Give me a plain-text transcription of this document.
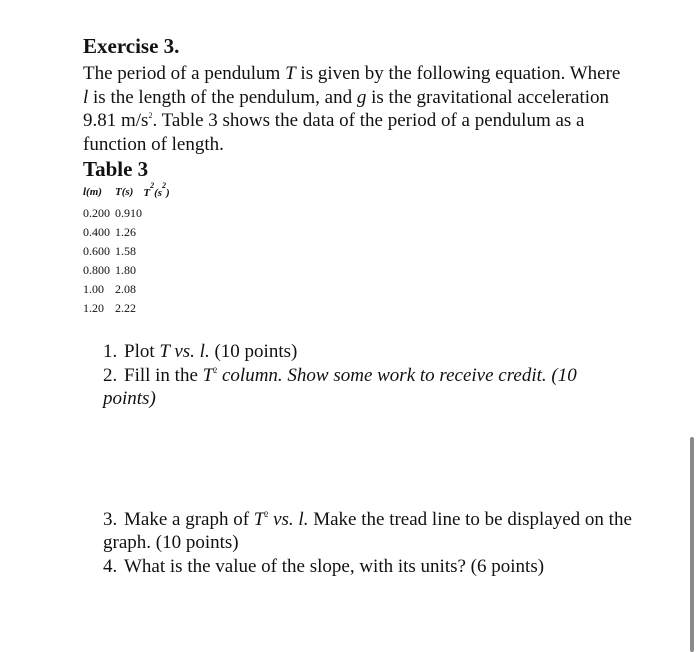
Exercise 3.
The period of a pendulum T is given by the following equation. Where l is the length of the pendulum, and g is the gravitational acceleration 9.81 $m/s^2$. Table 3 shows the data of the period of a pendulum as a function of length.
Table 3
l(m)	T(s)	$T^2(s^2)$
0.200	0.910	
0.400	1.26	
0.600	1.58	
0.800	1.80	
1.00	2.08	
1.20	2.22	
1. Plot T vs. l. (10 points)
2. Fill in the $T^2$ column. Show some work to receive credit. (10 points)
3. Make a graph of $T^2$ vs. l. Make the tread line to be displayed on the graph. (10 points)
4. What is the value of the slope, with its units? (6 points)
